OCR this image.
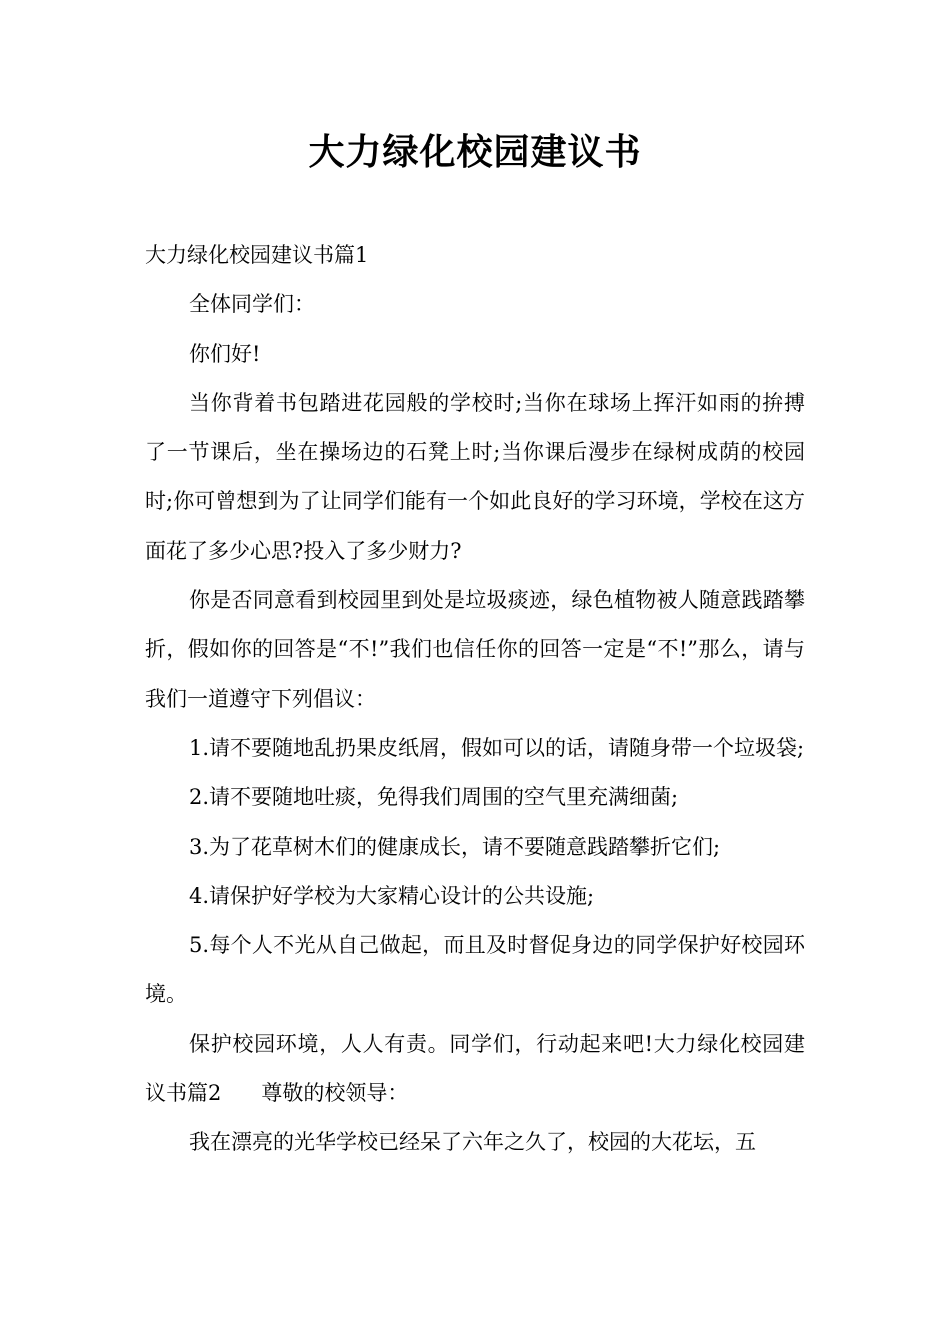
大力绿化校园建议书

大力绿化校园建议书篇1

全体同学们：

你们好!

当你背着书包踏进花园般的学校时;当你在球场上挥汗如雨的拚搏了一节课后，坐在操场边的石凳上时;当你课后漫步在绿树成荫的校园时;你可曾想到为了让同学们能有一个如此良好的学习环境，学校在这方面花了多少心思?投入了多少财力?

你是否同意看到校园里到处是垃圾痰迹，绿色植物被人随意践踏攀折，假如你的回答是“不!”我们也信任你的回答一定是“不!”那么，请与我们一道遵守下列倡议：

1.请不要随地乱扔果皮纸屑，假如可以的话，请随身带一个垃圾袋;

2.请不要随地吐痰，免得我们周围的空气里充满细菌;

3.为了花草树木们的健康成长，请不要随意践踏攀折它们;

4.请保护好学校为大家精心设计的公共设施;

5.每个人不光从自己做起，而且及时督促身边的同学保护好校园环境。

保护校园环境，人人有责。同学们，行动起来吧!大力绿化校园建议书篇2 尊敬的校领导：

我在漂亮的光华学校已经呆了六年之久了，校园的大花坛，五
